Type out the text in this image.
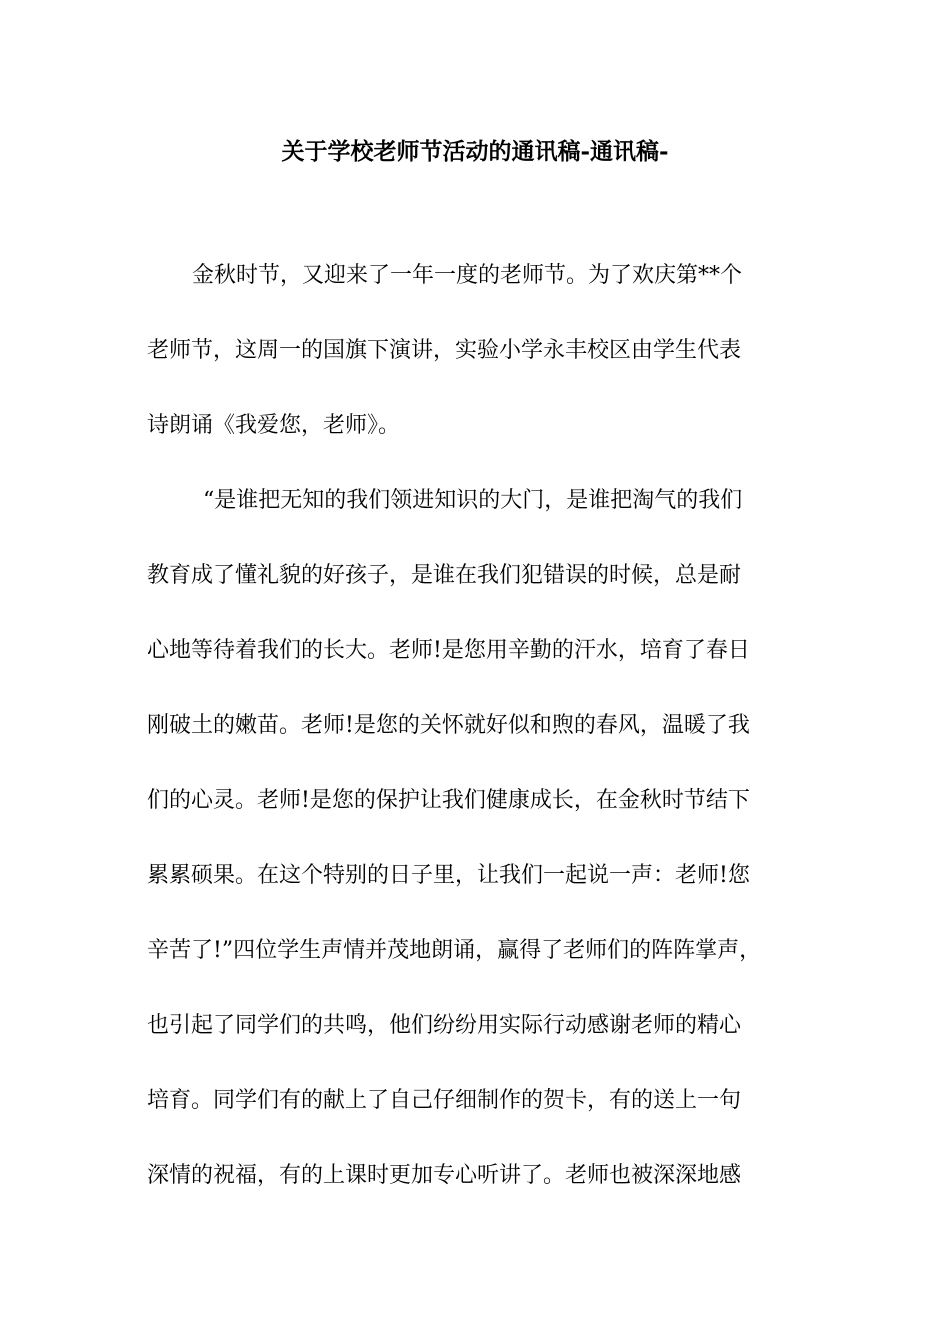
关于学校老师节活动的通讯稿-通讯稿-

金秋时节，又迎来了一年一度的老师节。为了欢庆第**个

老师节，这周一的国旗下演讲，实验小学永丰校区由学生代表

诗朗诵《我爱您，老师》。

“是谁把无知的我们领进知识的大门，是谁把淘气的我们

教育成了懂礼貌的好孩子，是谁在我们犯错误的时候，总是耐

心地等待着我们的长大。老师!是您用辛勤的汗水，培育了春日

刚破土的嫩苗。老师!是您的关怀就好似和煦的春风，温暖了我

们的心灵。老师!是您的保护让我们健康成长，在金秋时节结下

累累硕果。在这个特别的日子里，让我们一起说一声：老师!您

辛苦了!”四位学生声情并茂地朗诵，赢得了老师们的阵阵掌声，

也引起了同学们的共鸣，他们纷纷用实际行动感谢老师的精心

培育。同学们有的献上了自己仔细制作的贺卡，有的送上一句

深情的祝福，有的上课时更加专心听讲了。老师也被深深地感
